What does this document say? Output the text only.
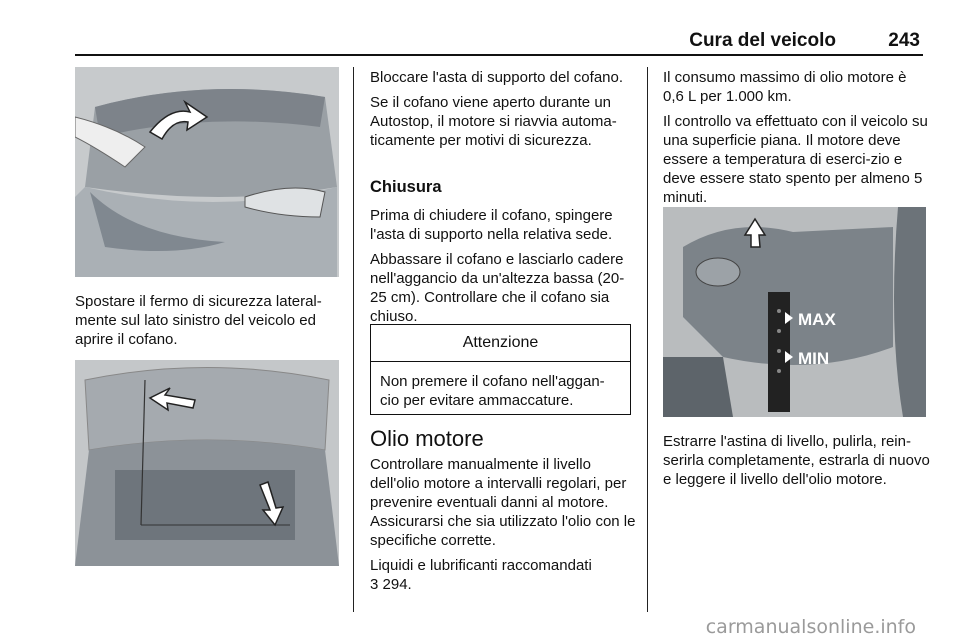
Cura del veicolo	243
Spostare il fermo di sicurezza lateral-mente sul lato sinistro del veicolo ed aprire il cofano.

Bloccare l'asta di supporto del cofano.

Se il cofano viene aperto durante un Autostop, il motore si riavvia automa-ticamente per motivi di sicurezza.

Chiusura

Prima di chiudere il cofano, spingere l'asta di supporto nella relativa sede.

Abbassare il cofano e lasciarlo cadere nell'aggancio da un'altezza bassa (20-25 cm). Controllare che il cofano sia chiuso.

Attenzione
Non premere il cofano nell'aggan-cio per evitare ammaccature.
Olio motore

Controllare manualmente il livello dell'olio motore a intervalli regolari, per prevenire eventuali danni al motore. Assicurarsi che sia utilizzato l'olio con le specifiche corrette.

Liquidi e lubrificanti raccomandati
3 294.

Il consumo massimo di olio motore è 0,6 L per 1.000 km.

Il controllo va effettuato con il veicolo su una superficie piana. Il motore deve essere a temperatura di eserci-zio e deve essere stato spento per almeno 5 minuti.

MAX
MIN
Estrarre l'astina di livello, pulirla, rein-serirla completamente, estrarla di nuovo e leggere il livello dell'olio motore.
carmanualsonline.info
